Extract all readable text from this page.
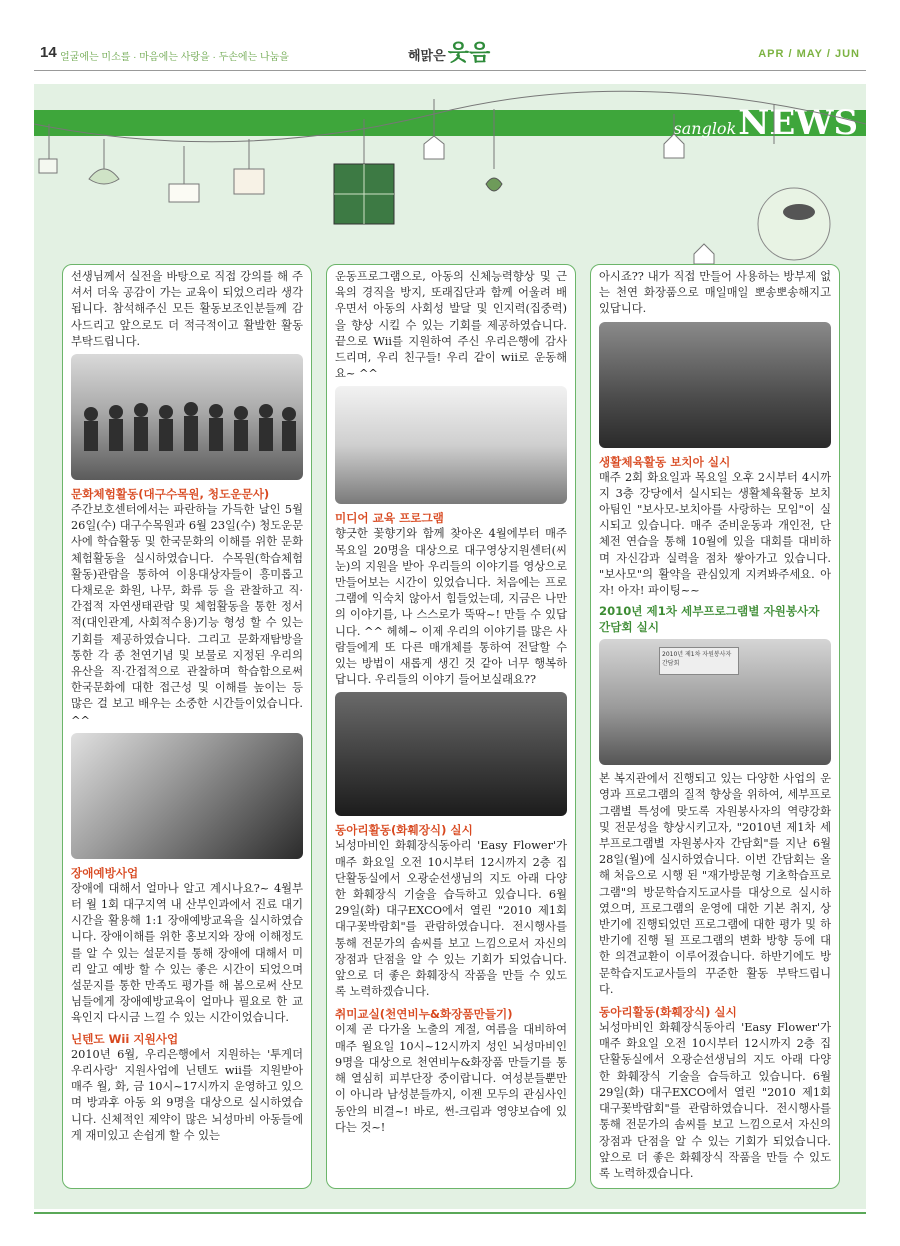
14 얼굴에는 미소를 · 마음에는 사랑을 · 두손에는 나눔을	해맑은웃음	APR / MAY / JUN
sanglokNEWS

선생님께서 실전을 바탕으로 직접 강의를 해 주셔서 더욱 공감이 가는 교육이 되었으리라 생각됩니다. 참석해주신 모든 활동보조인분들께 감사드리고 앞으로도 더 적극적이고 활발한 활동 부탁드립니다.

문화체험활동(대구수목원, 청도운문사)

주간보호센터에서는 파란하늘 가득한 날인 5월 26일(수) 대구수목원과 6월 23일(수) 청도운문사에 학습활동 및 한국문화의 이해를 위한 문화체험활동을 실시하였습니다. 수목원(학습체험활동)관람을 통하여 이용대상자들이 흥미롭고 다채로운 화원, 나무, 화류 등 을 관찰하고 직·간접적 자연생태관람 및 체험활동을 통한 정서적(대인관계, 사회적수용)기능 형성 할 수 있는 기회를 제공하였습니다. 그리고 문화재탐방을 통한 각 종 천연기념 및 보물로 지정된 우리의 유산을 직·간접적으로 관찰하며 학습함으로써 한국문화에 대한 접근성 및 이해를 높이는 등 많은 걸 보고 배우는 소중한 시간들이었습니다. ^^

장애예방사업

장애에 대해서 얼마나 알고 계시나요?~ 4월부터 월 1회 대구지역 내 산부인과에서 진료 대기시간을 활용해 1:1 장애예방교육을 실시하였습니다. 장애이해를 위한 홍보지와 장애 이해정도를 알 수 있는 설문지를 통해 장애에 대해서 미리 알고 예방 할 수 있는 좋은 시간이 되었으며 설문지를 통한 만족도 평가를 해 봄으로써 산모님들에게 장애예방교육이 얼마나 필요로 한 교육인지 다시금 느낄 수 있는 시간이었습니다.

닌텐도 Wii 지원사업

2010년 6월, 우리은행에서 지원하는 '투게더 우리사랑' 지원사업에 닌텐도 wii를 지원받아 매주 월, 화, 금 10시~17시까지 운영하고 있으며 방과후 아동 외 9명을 대상으로 실시하였습니다. 신체적인 제약이 많은 뇌성마비 아동들에게 재미있고 손쉽게 할 수 있는

운동프로그램으로, 아동의 신체능력향상 및 근육의 경직을 방지, 또래집단과 함께 어울려 배우면서 아동의 사회성 발달 및 인지력(집중력)을 향상 시킬 수 있는 기회를 제공하였습니다. 끝으로 Wii를 지원하여 주신 우리은행에 감사드리며, 우리 친구들! 우리 같이 wii로 운동해요~ ^^

미디어 교육 프로그램

향긋한 꽃향기와 함께 찾아온 4월에부터 매주 목요일 20명을 대상으로 대구영상지원센터(씨눈)의 지원을 받아 우리들의 이야기를 영상으로 만들어보는 시간이 있었습니다. 처음에는 프로그램에 익숙치 않아서 힘들었는데, 지금은 나만의 이야기를, 나 스스로가 뚝딱~! 만들 수 있답니다. ^^ 헤헤~ 이제 우리의 이야기를 많은 사람들에게 또 다른 매개체를 통하여 전달할 수 있는 방법이 새롭게 생긴 것 같아 너무 행복하답니다. 우리들의 이야기 들어보실래요??

동아리활동(화훼장식) 실시

뇌성마비인 화훼장식동아리 'Easy Flower'가 매주 화요일 오전 10시부터 12시까지 2층 집단활동실에서 오광순선생님의 지도 아래 다양한 화훼장식 기술을 습득하고 있습니다. 6월 29일(화) 대구EXCO에서 열린 "2010 제1회 대구꽃박람회"를 관람하였습니다. 전시행사를 통해 전문가의 솜씨를 보고 느낌으로서 자신의 장점과 단점을 알 수 있는 기회가 되었습니다. 앞으로 더 좋은 화훼장식 작품을 만들 수 있도록 노력하겠습니다.

취미교실(천연비누&화장품만들기)

이제 곧 다가올 노출의 계절, 여름을 대비하여 매주 월요일 10시~12시까지 성인 뇌성마비인 9명을 대상으로 천연비누&화장품 만들기를 통해 열심히 피부단장 중이랍니다. 여성분들뿐만이 아니라 남성분들까지, 이젠 모두의 관심사인 동안의 비결~! 바로, 썬-크림과 영양보습에 있다는 것~!

아시죠?? 내가 직접 만들어 사용하는 방부제 없는 천연 화장품으로 매일매일 뽀송뽀송해지고 있답니다.

생활체육활동 보치아 실시

매주 2회 화요일과 목요일 오후 2시부터 4시까지 3층 강당에서 실시되는 생활체육활동 보치아팀인 "보사모-보치아를 사랑하는 모임"이 실시되고 있습니다. 매주 준비운동과 개인전, 단체전 연습을 통해 10월에 있을 대회를 대비하며 자신감과 실력을 점차 쌓아가고 있습니다. "보사모"의 활약을 관심있게 지켜봐주세요. 아자! 아자! 파이팅~~

2010년 제1차 세부프로그램별 자원봉사자 간담회 실시

2010년 제1차 자원봉사자 간담회

본 복지관에서 진행되고 있는 다양한 사업의 운영과 프로그램의 질적 향상을 위하여, 세부프로그램별 특성에 맞도록 자원봉사자의 역량강화 및 전문성을 향상시키고자, "2010년 제1차 세부프로그램별 자원봉사자 간담회"를 지난 6월 28일(월)에 실시하였습니다. 이번 간담회는 올해 처음으로 시행 된 "재가방문형 기초학습프로그램"의 방문학습지도교사를 대상으로 실시하였으며, 프로그램의 운영에 대한 기본 취지, 상반기에 진행되었던 프로그램에 대한 평가 및 하반기에 진행 될 프로그램의 변화 방향 등에 대한 의견교환이 이루어졌습니다. 하반기에도 방문학습지도교사들의 꾸준한 활동 부탁드립니다.

동아리활동(화훼장식) 실시

뇌성마비인 화훼장식동아리 'Easy Flower'가 매주 화요일 오전 10시부터 12시까지 2층 집단활동실에서 오광순선생님의 지도 아래 다양한 화훼장식 기술을 습득하고 있습니다. 6월 29일(화) 대구EXCO에서 열린 "2010 제1회 대구꽃박람회"를 관람하였습니다. 전시행사를 통해 전문가의 솜씨를 보고 느낌으로서 자신의 장점과 단점을 알 수 있는 기회가 되었습니다. 앞으로 더 좋은 화훼장식 작품을 만들 수 있도록 노력하겠습니다.
